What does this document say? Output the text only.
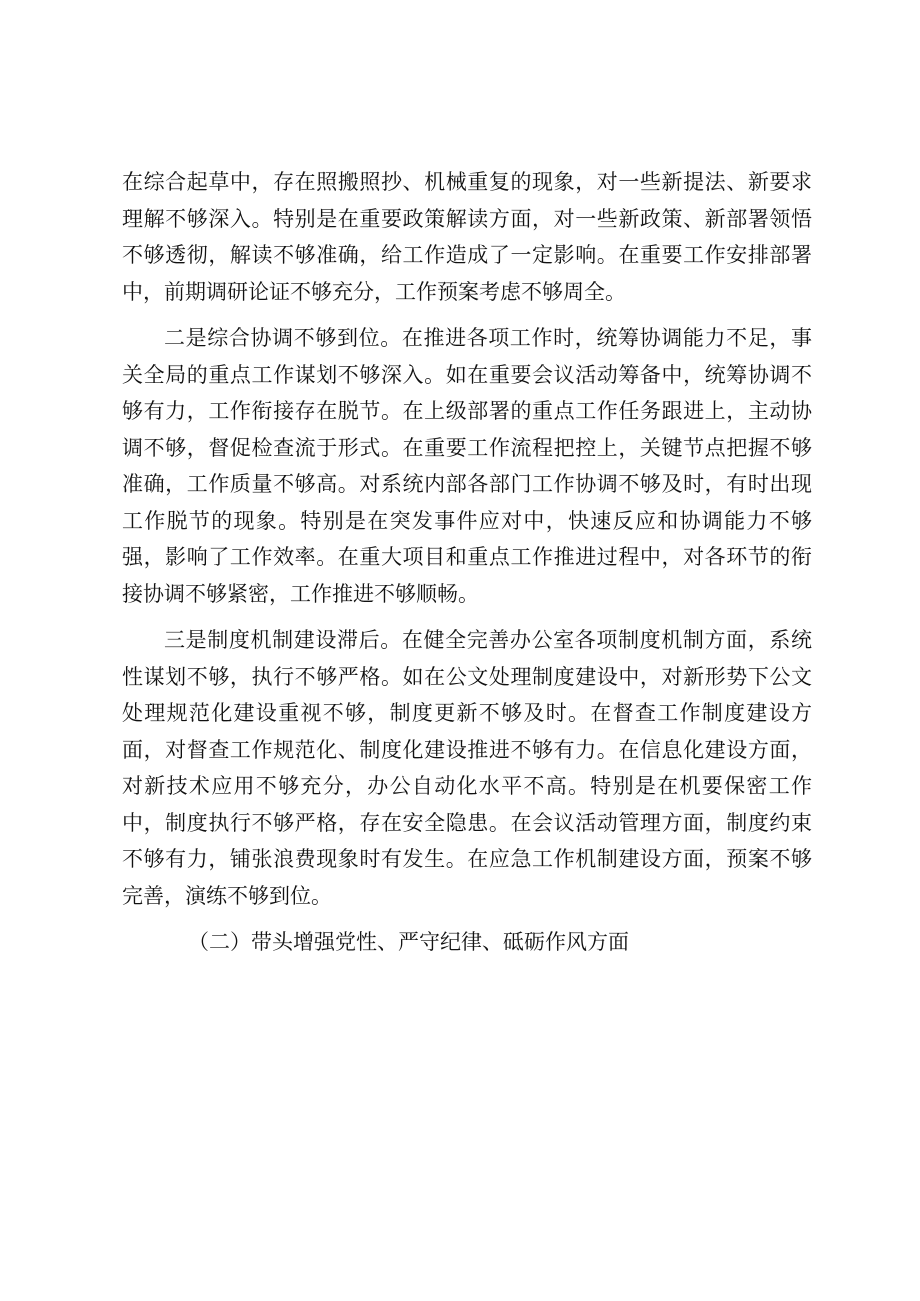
在综合起草中，存在照搬照抄、机械重复的现象，对一些新提法、新要求理解不够深入。特别是在重要政策解读方面，对一些新政策、新部署领悟不够透彻，解读不够准确，给工作造成了一定影响。在重要工作安排部署中，前期调研论证不够充分，工作预案考虑不够周全。

二是综合协调不够到位。在推进各项工作时，统筹协调能力不足，事关全局的重点工作谋划不够深入。如在重要会议活动筹备中，统筹协调不够有力，工作衔接存在脱节。在上级部署的重点工作任务跟进上，主动协调不够，督促检查流于形式。在重要工作流程把控上，关键节点把握不够准确，工作质量不够高。对系统内部各部门工作协调不够及时，有时出现工作脱节的现象。特别是在突发事件应对中，快速反应和协调能力不够强，影响了工作效率。在重大项目和重点工作推进过程中，对各环节的衔接协调不够紧密，工作推进不够顺畅。

三是制度机制建设滞后。在健全完善办公室各项制度机制方面，系统性谋划不够，执行不够严格。如在公文处理制度建设中，对新形势下公文处理规范化建设重视不够，制度更新不够及时。在督查工作制度建设方面，对督查工作规范化、制度化建设推进不够有力。在信息化建设方面，对新技术应用不够充分，办公自动化水平不高。特别是在机要保密工作中，制度执行不够严格，存在安全隐患。在会议活动管理方面，制度约束不够有力，铺张浪费现象时有发生。在应急工作机制建设方面，预案不够完善，演练不够到位。

（二）带头增强党性、严守纪律、砥砺作风方面
